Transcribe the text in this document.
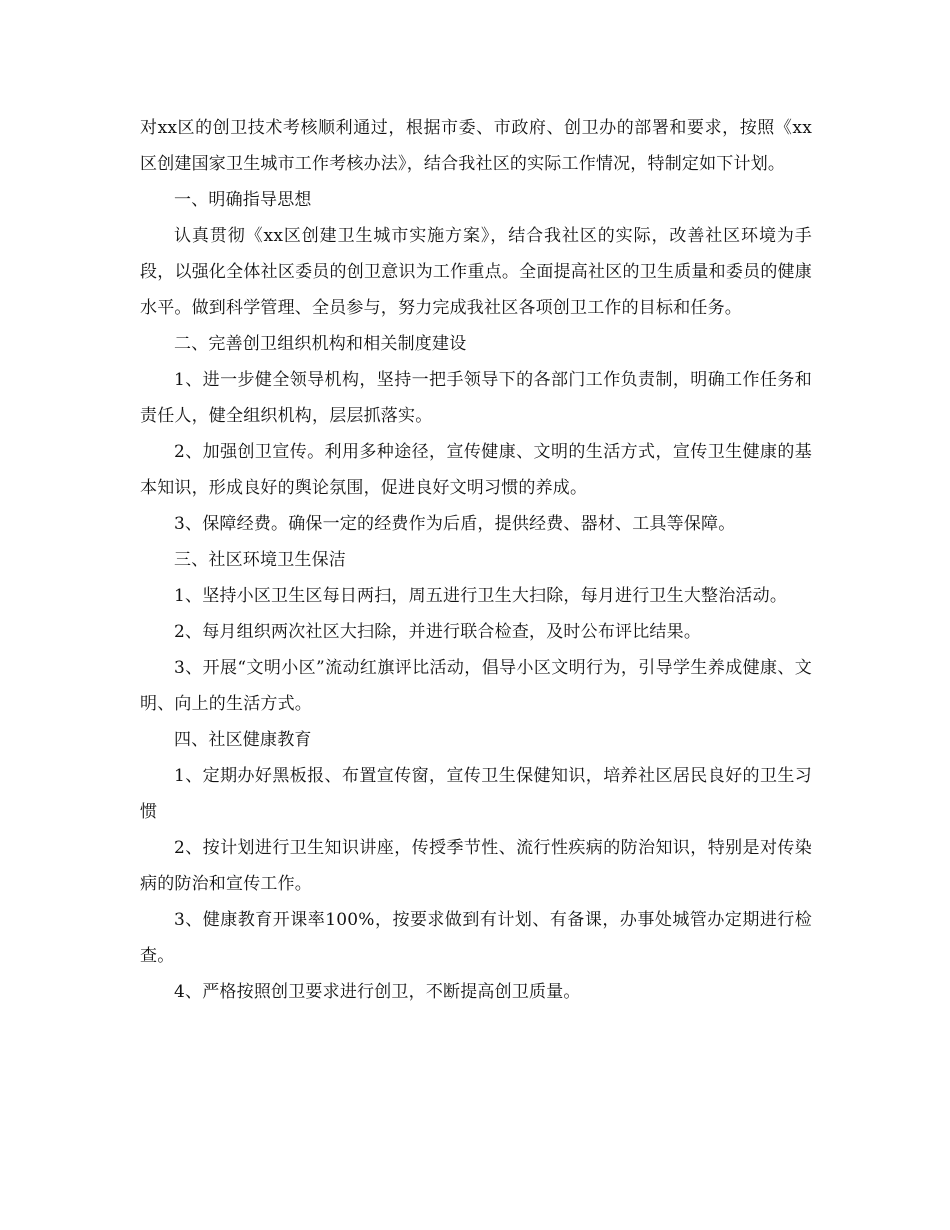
对xx区的创卫技术考核顺利通过，根据市委、市政府、创卫办的部署和要求，按照《xx区创建国家卫生城市工作考核办法》，结合我社区的实际工作情况，特制定如下计划。

一、明确指导思想

认真贯彻《xx区创建卫生城市实施方案》，结合我社区的实际，改善社区环境为手段，以强化全体社区委员的创卫意识为工作重点。全面提高社区的卫生质量和委员的健康水平。做到科学管理、全员参与，努力完成我社区各项创卫工作的目标和任务。

二、完善创卫组织机构和相关制度建设

1、进一步健全领导机构，坚持一把手领导下的各部门工作负责制，明确工作任务和责任人，健全组织机构，层层抓落实。

2、加强创卫宣传。利用多种途径，宣传健康、文明的生活方式，宣传卫生健康的基本知识，形成良好的舆论氛围，促进良好文明习惯的养成。

3、保障经费。确保一定的经费作为后盾，提供经费、器材、工具等保障。

三、社区环境卫生保洁

1、坚持小区卫生区每日两扫，周五进行卫生大扫除，每月进行卫生大整治活动。

2、每月组织两次社区大扫除，并进行联合检查，及时公布评比结果。

3、开展“文明小区”流动红旗评比活动，倡导小区文明行为，引导学生养成健康、文明、向上的生活方式。

四、社区健康教育

1、定期办好黑板报、布置宣传窗，宣传卫生保健知识，培养社区居民良好的卫生习惯

2、按计划进行卫生知识讲座，传授季节性、流行性疾病的防治知识，特别是对传染病的防治和宣传工作。

3、健康教育开课率100%，按要求做到有计划、有备课，办事处城管办定期进行检查。

4、严格按照创卫要求进行创卫，不断提高创卫质量。
